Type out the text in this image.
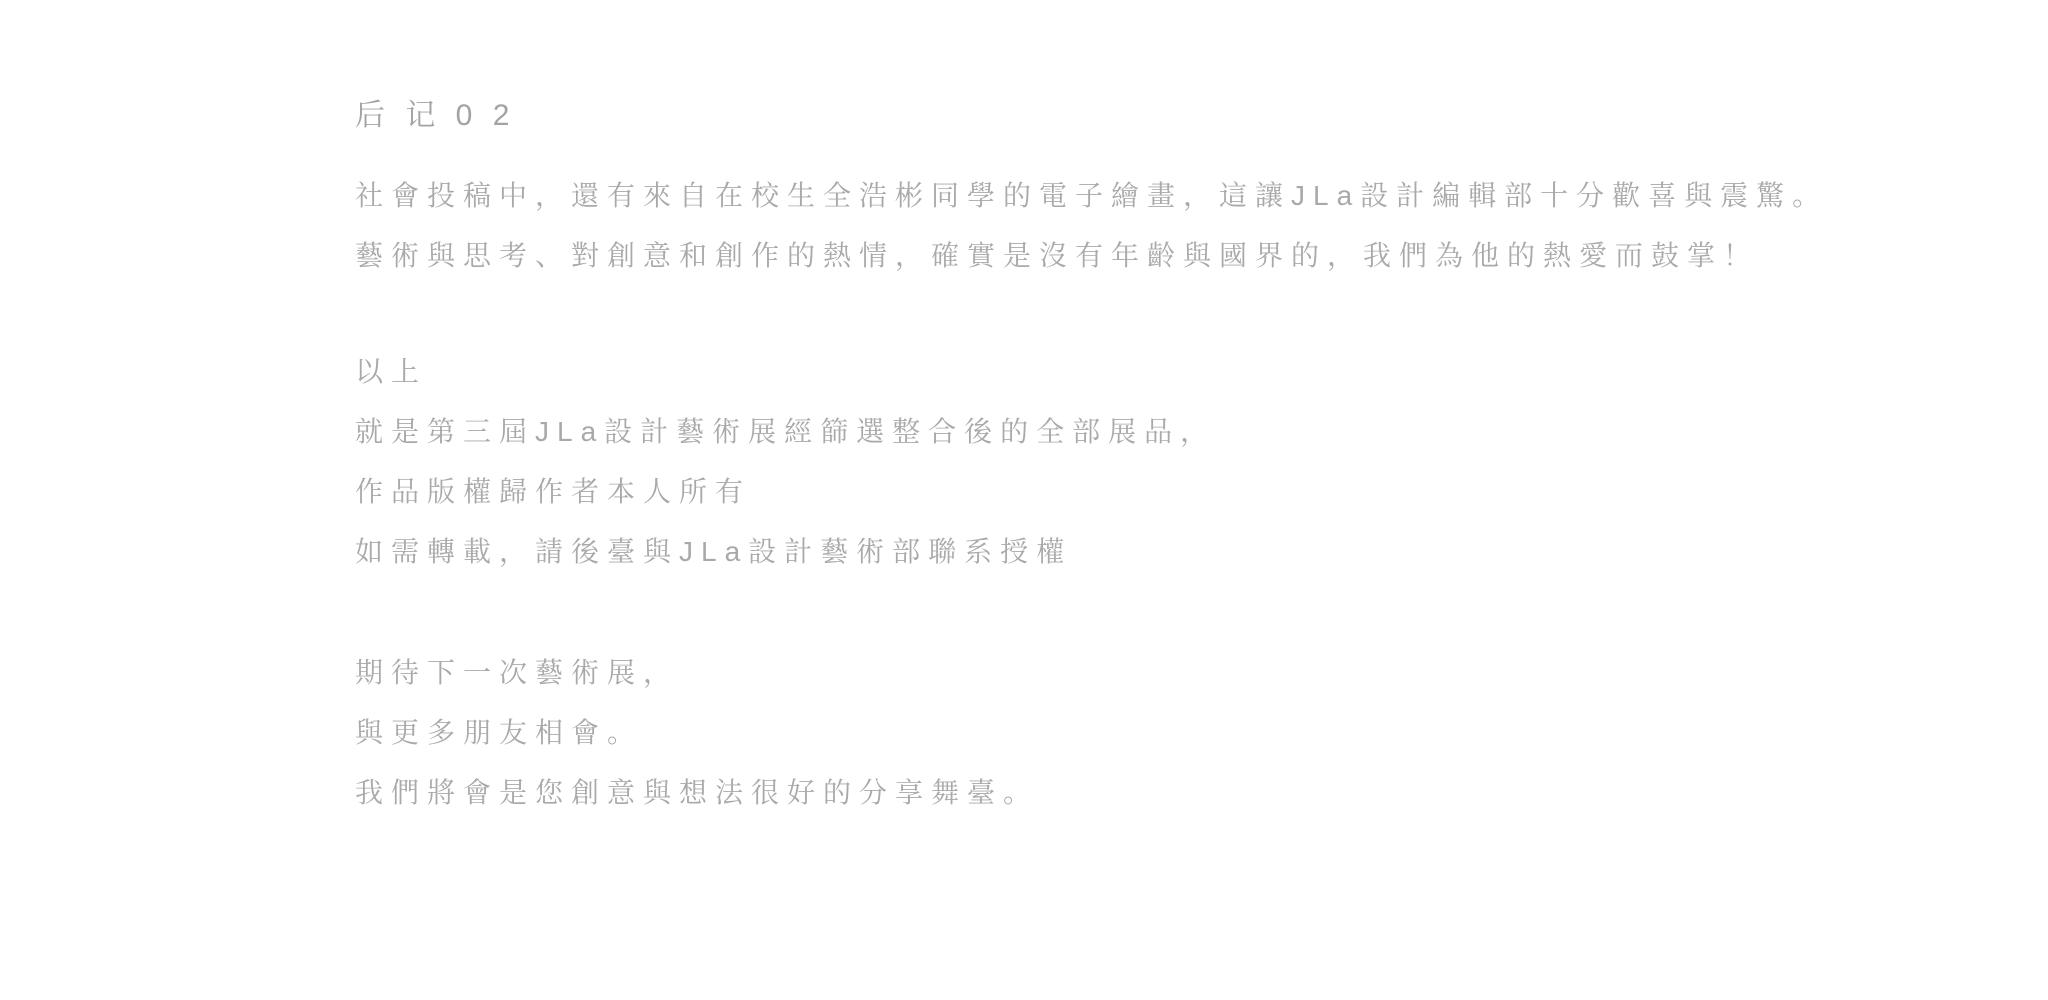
后 记 0 2
社會投稿中，還有來自在校生全浩彬同學的電子繪畫，這讓JLa設計編輯部十分歡喜與震驚。
藝術與思考、對創意和創作的熱情，確實是沒有年齡與國界的，我們為他的熱愛而鼓掌！
以上
就是第三屆JLa設計藝術展經篩選整合後的全部展品，
作品版權歸作者本人所有
如需轉載，請後臺與JLa設計藝術部聯系授權
期待下一次藝術展，
與更多朋友相會。
我們將會是您創意與想法很好的分享舞臺。
